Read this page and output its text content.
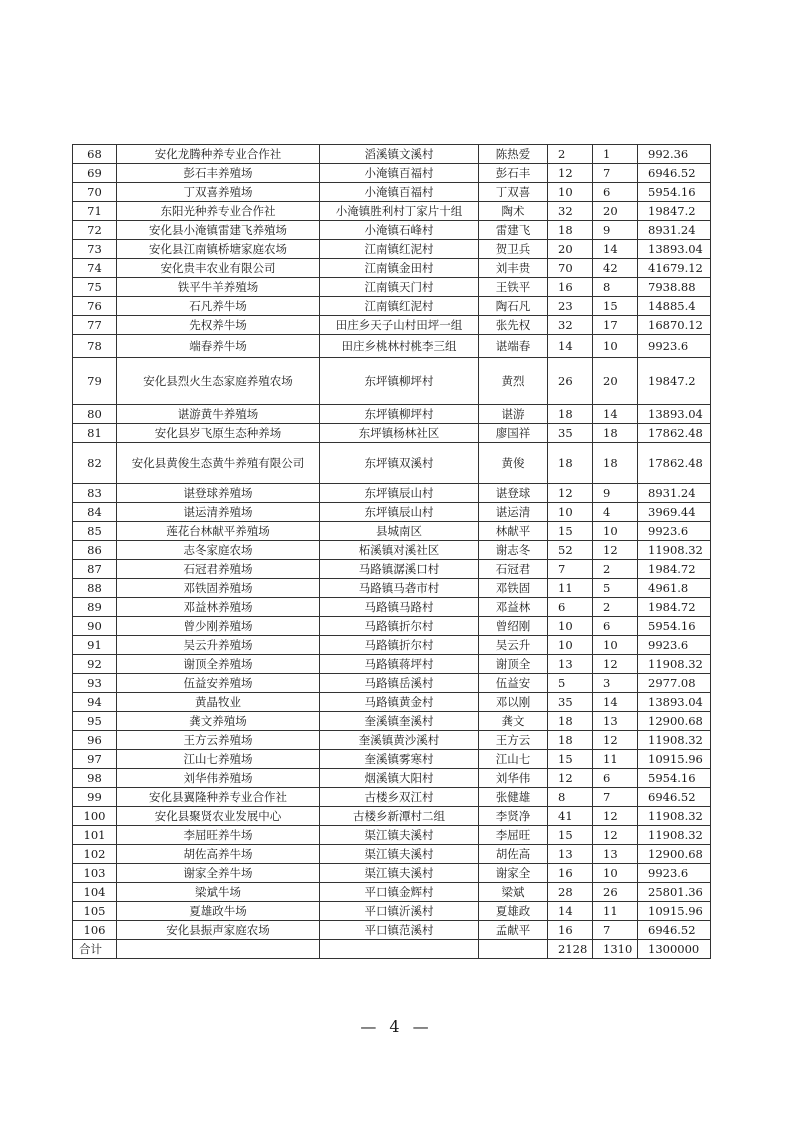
68	安化龙腾种养专业合作社	滔溪镇文溪村	陈热爱	2	1	992.36
69	彭石丰养殖场	小淹镇百福村	彭石丰	12	7	6946.52
70	丁双喜养殖场	小淹镇百福村	丁双喜	10	6	5954.16
71	东阳光种养专业合作社	小淹镇胜利村丁家片十组	陶术	32	20	19847.2
72	安化县小淹镇雷建飞养殖场	小淹镇石峰村	雷建飞	18	9	8931.24
73	安化县江南镇桥塘家庭农场	江南镇红泥村	贺卫兵	20	14	13893.04
74	安化贵丰农业有限公司	江南镇金田村	刘丰贵	70	42	41679.12
75	铁平牛羊养殖场	江南镇天门村	王铁平	16	8	7938.88
76	石凡养牛场	江南镇红泥村	陶石凡	23	15	14885.4
77	先权养牛场	田庄乡天子山村田坪一组	张先权	32	17	16870.12
78	端春养牛场	田庄乡桃林村桃李三组	谌端春	14	10	9923.6
79	安化县烈火生态家庭养殖农场	东坪镇柳坪村	黄烈	26	20	19847.2
80	谌游黄牛养殖场	东坪镇柳坪村	谌游	18	14	13893.04
81	安化县岁飞原生态种养场	东坪镇杨林社区	廖国祥	35	18	17862.48
82	安化县黄俊生态黄牛养殖有限公司	东坪镇双溪村	黄俊	18	18	17862.48
83	谌登球养殖场	东坪镇辰山村	谌登球	12	9	8931.24
84	谌运清养殖场	东坪镇辰山村	谌运清	10	4	3969.44
85	莲花台林献平养殖场	县城南区	林献平	15	10	9923.6
86	志冬家庭农场	柘溪镇对溪社区	谢志冬	52	12	11908.32
87	石冠君养殖场	马路镇潺溪口村	石冠君	7	2	1984.72
88	邓铁固养殖场	马路镇马砻市村	邓铁固	11	5	4961.8
89	邓益林养殖场	马路镇马路村	邓益林	6	2	1984.72
90	曾少刚养殖场	马路镇折尔村	曾绍刚	10	6	5954.16
91	吴云升养殖场	马路镇折尔村	吴云升	10	10	9923.6
92	谢顶全养殖场	马路镇蒋坪村	谢顶全	13	12	11908.32
93	伍益安养殖场	马路镇岳溪村	伍益安	5	3	2977.08
94	黄晶牧业	马路镇黄金村	邓以刚	35	14	13893.04
95	龚文养殖场	奎溪镇奎溪村	龚文	18	13	12900.68
96	王方云养殖场	奎溪镇黄沙溪村	王方云	18	12	11908.32
97	江山七养殖场	奎溪镇雾寒村	江山七	15	11	10915.96
98	刘华伟养殖场	烟溪镇大阳村	刘华伟	12	6	5954.16
99	安化县翼隆种养专业合作社	古楼乡双江村	张健雄	8	7	6946.52
100	安化县聚贤农业发展中心	古楼乡新潭村二组	李贤净	41	12	11908.32
101	李屈旺养牛场	渠江镇夫溪村	李屈旺	15	12	11908.32
102	胡佐高养牛场	渠江镇夫溪村	胡佐高	13	13	12900.68
103	谢家全养牛场	渠江镇夫溪村	谢家全	16	10	9923.6
104	梁斌牛场	平口镇金辉村	梁斌	28	26	25801.36
105	夏雄政牛场	平口镇沂溪村	夏雄政	14	11	10915.96
106	安化县振声家庭农场	平口镇范溪村	孟献平	16	7	6946.52
合计				2128	1310	1300000
— 4 —
